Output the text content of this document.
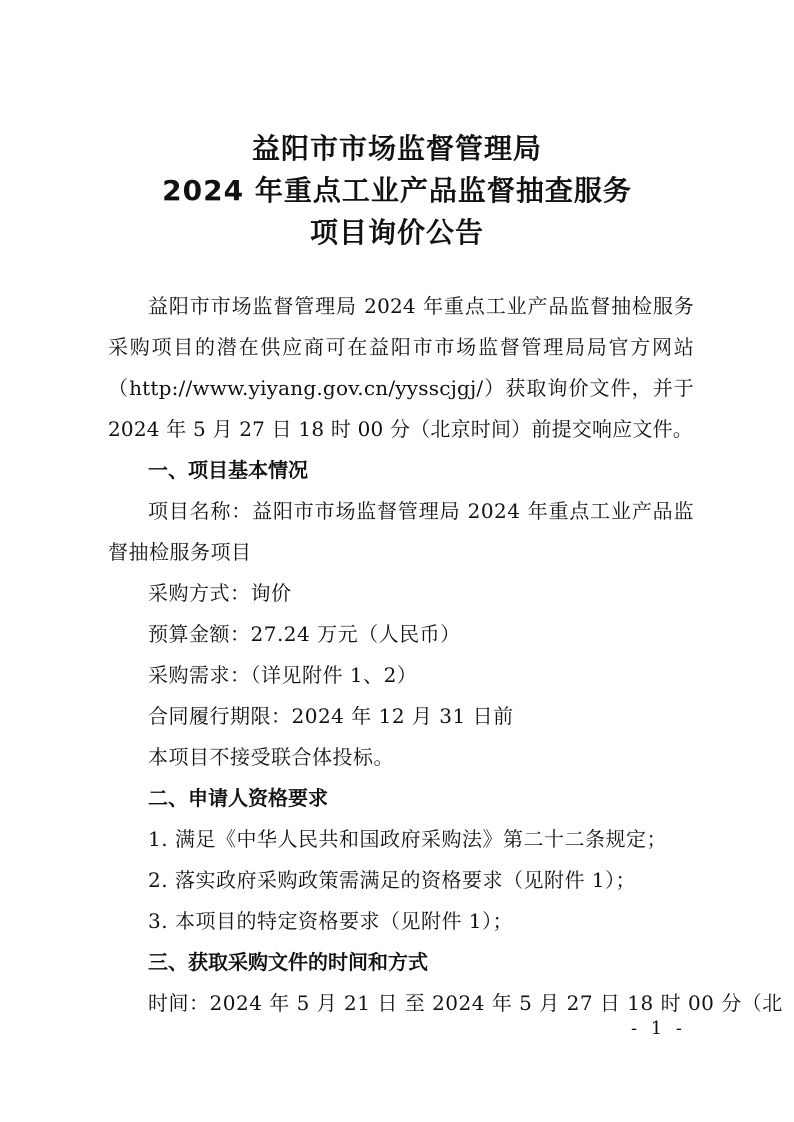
益阳市市场监督管理局
2024 年重点工业产品监督抽查服务
项目询价公告

益阳市市场监督管理局 2024 年重点工业产品监督抽检服务采购项目的潜在供应商可在益阳市市场监督管理局局官方网站（http://www.yiyang.gov.cn/yysscjgj/）获取询价文件，并于 2024 年 5 月 27 日 18 时 00 分（北京时间）前提交响应文件。

一、项目基本情况

项目名称：益阳市市场监督管理局 2024 年重点工业产品监督抽检服务项目

采购方式：询价

预算金额：27.24 万元（人民币）

采购需求：（详见附件 1、2）

合同履行期限：2024 年 12 月 31 日前

本项目不接受联合体投标。

二、申请人资格要求

1. 满足《中华人民共和国政府采购法》第二十二条规定；

2. 落实政府采购政策需满足的资格要求（见附件 1）；

3. 本项目的特定资格要求（见附件 1）；

三、获取采购文件的时间和方式

时间：2024 年 5 月 21 日 至 2024 年 5 月 27 日 18 时 00 分（北

- 1 -
